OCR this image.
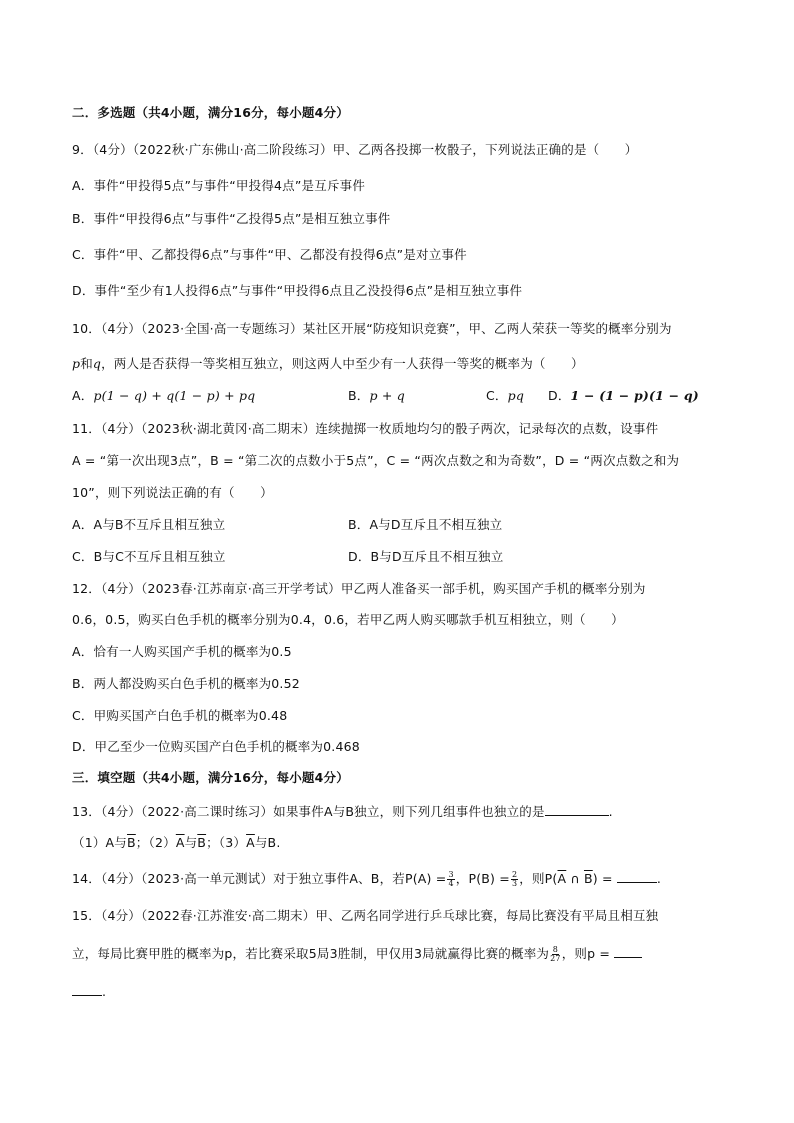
二．多选题（共4小题，满分16分，每小题4分）
9．（4分）（2022秋·广东佛山·高二阶段练习）甲、乙两各投掷一枚骰子，下列说法正确的是（　　）
A．事件“甲投得5点”与事件“甲投得4点”是互斥事件
B．事件“甲投得6点”与事件“乙投得5点”是相互独立事件
C．事件“甲、乙都投得6点”与事件“甲、乙都没有投得6点”是对立事件
D．事件“至少有1人投得6点”与事件“甲投得6点且乙没投得6点”是相互独立事件
10．（4分）（2023·全国·高一专题练习）某社区开展“防疫知识竞赛”，甲、乙两人荣获一等奖的概率分别为
p和q，两人是否获得一等奖相互独立，则这两人中至少有一人获得一等奖的概率为（　　）
A．p(1 − q) + q(1 − p) + pq	B．p + q	C．pq D．1 − (1 − p)(1 − q)
11．（4分）（2023秋·湖北黄冈·高二期末）连续抛掷一枚质地均匀的骰子两次，记录每次的点数，设事件
A = “第一次出现3点”，B = “第二次的点数小于5点”，C = “两次点数之和为奇数”，D = “两次点数之和为
10”，则下列说法正确的有（　　）
A．A与B不互斥且相互独立	B．A与D互斥且不相互独立
C．B与C不互斥且相互独立	D．B与D互斥且不相互独立
12．（4分）（2023春·江苏南京·高三开学考试）甲乙两人准备买一部手机，购买国产手机的概率分别为
0.6，0.5，购买白色手机的概率分别为0.4，0.6，若甲乙两人购买哪款手机互相独立，则（　　）
A．恰有一人购买国产手机的概率为0.5
B．两人都没购买白色手机的概率为0.52
C．甲购买国产白色手机的概率为0.48
D．甲乙至少一位购买国产白色手机的概率为0.468
三．填空题（共4小题，满分16分，每小题4分）
13．（4分）（2022·高二课时练习）如果事件A与B独立，则下列几组事件也独立的是	.
（1）A与$\overline{B}$；$(2)\overline{A}$与$\overline{B}$；$(3)\overline{A}$与B.
14．（4分）（2023·高一单元测试）对于独立事件A、B，若$P(A) = \frac{3}{4}$ ，$P(B) = \frac{2}{3}$ ，则$P(\overline{A}$ ∩ $\overline{B}$) =	.
15．（4分）（2022春·江苏淮安·高二期末）甲、乙两名同学进行乒乓球比赛，每局比赛没有平局且相互独
立，每局比赛甲胜的概率为p，若比赛采取5局3胜制，甲仅用3局就赢得比赛的概率为 $\frac{8}{27}$ ，则p =
.
